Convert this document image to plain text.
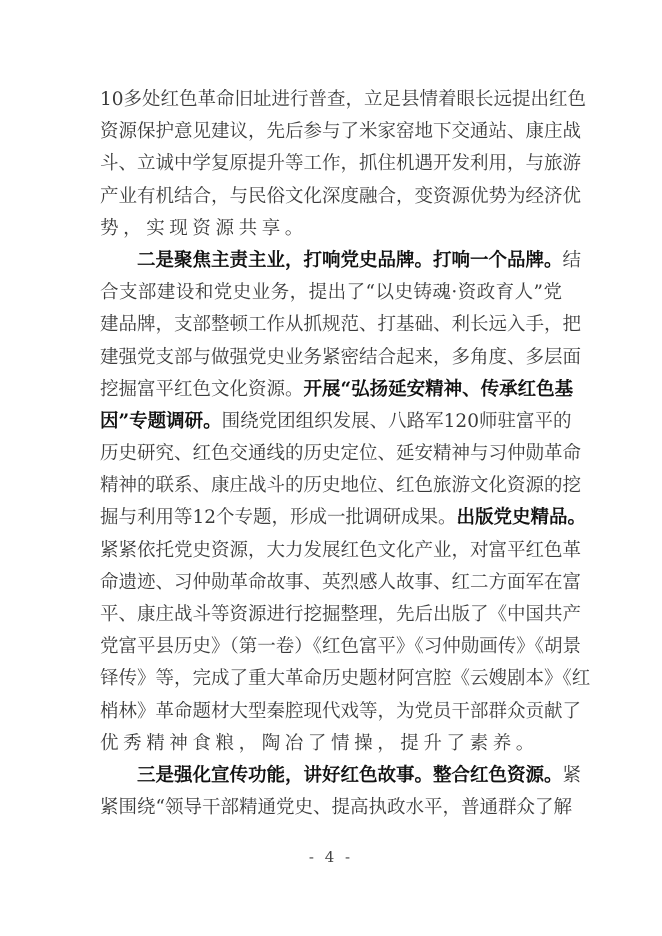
10多处红色革命旧址进行普查，立足县情着眼长远提出红色
资源保护意见建议，先后参与了米家窑地下交通站、康庄战
斗、立诚中学复原提升等工作，抓住机遇开发利用，与旅游
产业有机结合，与民俗文化深度融合，变资源优势为经济优
势，实现资源共享。
二是聚焦主责主业，打响党史品牌。打响一个品牌。结
合支部建设和党史业务，提出了“以史铸魂·资政育人”党
建品牌，支部整顿工作从抓规范、打基础、利长远入手，把
建强党支部与做强党史业务紧密结合起来，多角度、多层面
挖掘富平红色文化资源。开展“弘扬延安精神、传承红色基
因”专题调研。围绕党团组织发展、八路军120师驻富平的
历史研究、红色交通线的历史定位、延安精神与习仲勋革命
精神的联系、康庄战斗的历史地位、红色旅游文化资源的挖
掘与利用等12个专题，形成一批调研成果。出版党史精品。
紧紧依托党史资源，大力发展红色文化产业，对富平红色革
命遗迹、习仲勋革命故事、英烈感人故事、红二方面军在富
平、康庄战斗等资源进行挖掘整理，先后出版了《中国共产
党富平县历史》（第一卷）《红色富平》《习仲勋画传》《胡景
铎传》等，完成了重大革命历史题材阿宫腔《云嫂剧本》《红
梢林》革命题材大型秦腔现代戏等，为党员干部群众贡献了
优秀精神食粮，陶冶了情操，提升了素养。
三是强化宣传功能，讲好红色故事。整合红色资源。紧
紧围绕“领导干部精通党史、提高执政水平，普通群众了解
- 4 -
